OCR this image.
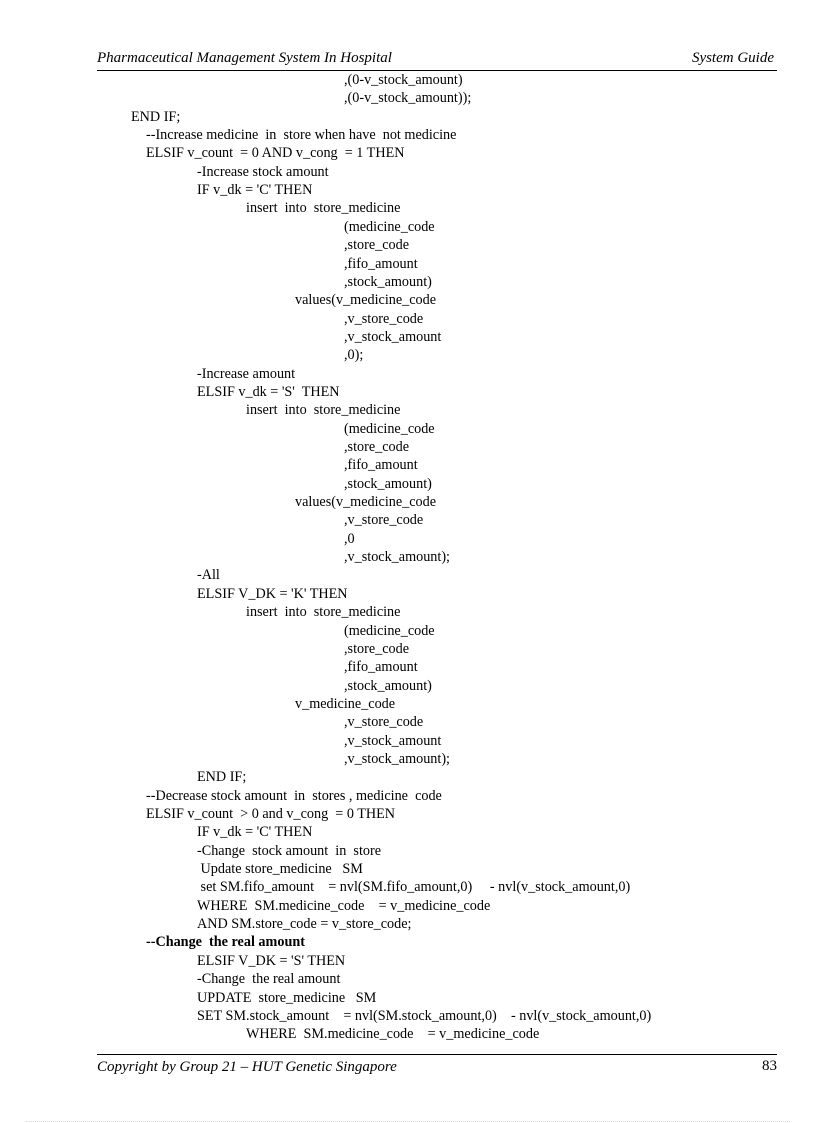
Pharmaceutical Management System In Hospital	System Guide
,(0-v_stock_amount)
,(0-v_stock_amount));
END IF;
--Increase medicine  in  store when have  not medicine
ELSIF v_count  = 0 AND v_cong  = 1 THEN
-Increase stock amount
IF v_dk = 'C' THEN
insert  into  store_medicine
(medicine_code
,store_code
,fifo_amount
,stock_amount)
values(v_medicine_code
,v_store_code
,v_stock_amount
,0);
-Increase amount
ELSIF v_dk = 'S'  THEN
insert  into  store_medicine
(medicine_code
,store_code
,fifo_amount
,stock_amount)
values(v_medicine_code
,v_store_code
,0
,v_stock_amount);
-All
ELSIF V_DK = 'K' THEN
insert  into  store_medicine
(medicine_code
,store_code
,fifo_amount
,stock_amount)
v_medicine_code
,v_store_code
,v_stock_amount
,v_stock_amount);
END IF;
--Decrease stock amount  in  stores , medicine  code
ELSIF v_count  > 0 and v_cong  = 0 THEN
IF v_dk = 'C' THEN
-Change  stock amount  in  store
Update store_medicine   SM
set SM.fifo_amount    = nvl(SM.fifo_amount,0)     - nvl(v_stock_amount,0)
WHERE  SM.medicine_code    = v_medicine_code
AND SM.store_code = v_store_code;
--Change  the real amount
ELSIF V_DK = 'S' THEN
-Change  the real amount
UPDATE  store_medicine   SM
SET SM.stock_amount    = nvl(SM.stock_amount,0)    - nvl(v_stock_amount,0)
WHERE  SM.medicine_code    = v_medicine_code
Copyright by Group 21 – HUT Genetic Singapore	83
